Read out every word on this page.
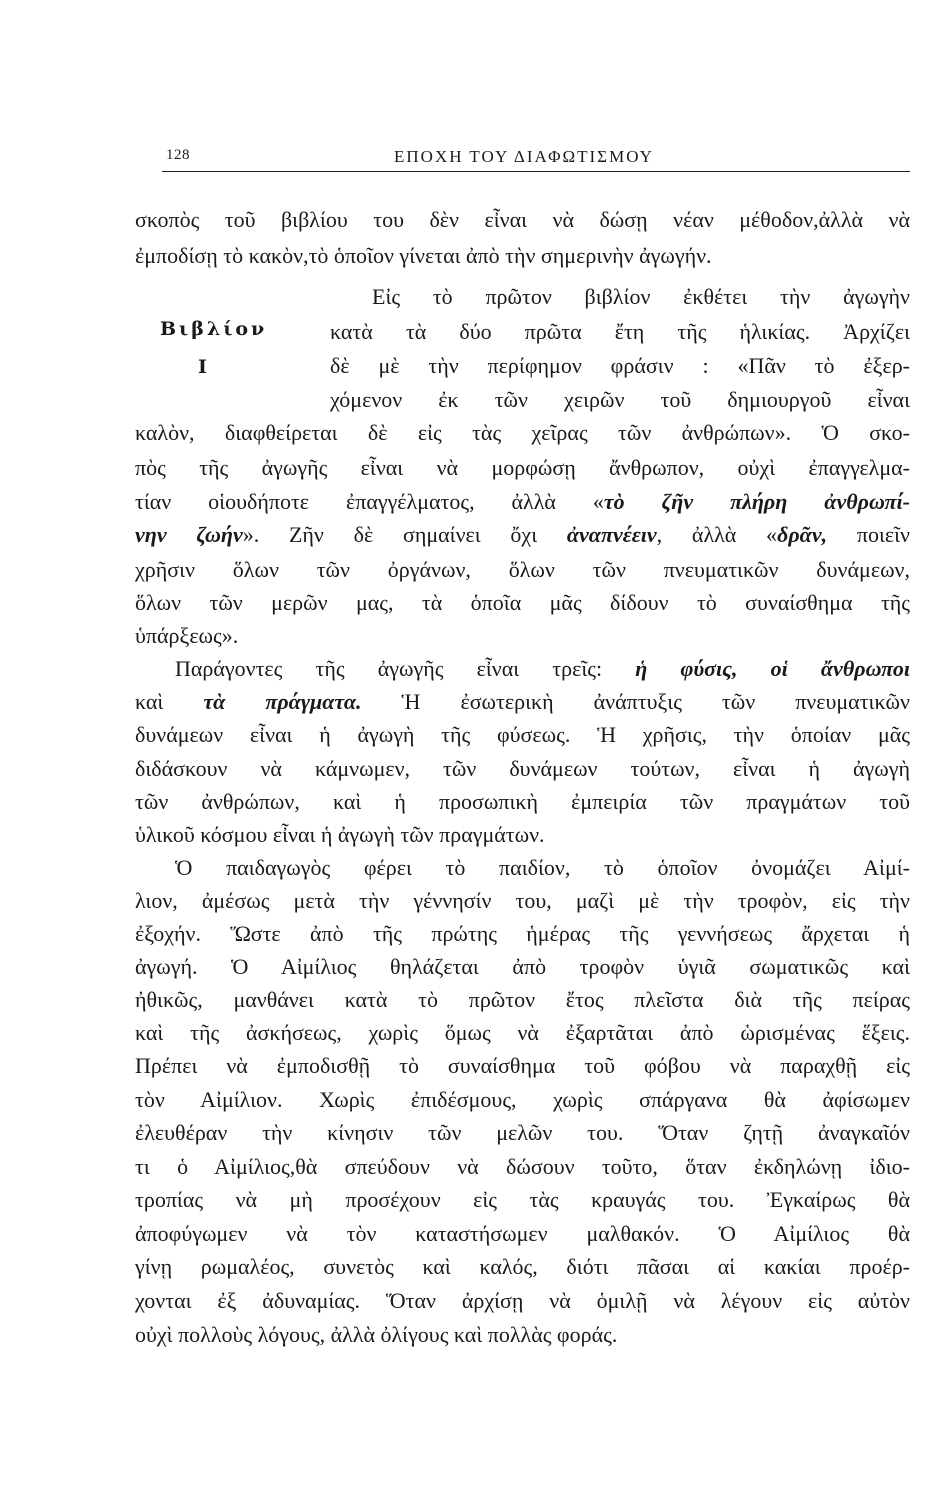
128	ΕΠΟΧΗ ΤΟΥ ΔΙΑΦΩΤΙΣΜΟΥ
Βιβλίον
Ι
σκοπὸς τοῦ βιβλίου του δὲν εἶναι νὰ δώσῃ νέαν μέθοδον,ἀλλὰ νὰ
ἐμποδίσῃ τὸ κακὸν,τὸ ὁποῖον γίνεται ἀπὸ τὴν σημερινὴν ἀγωγήν.
Εἰς τὸ πρῶτον βιβλίον ἐκθέτει τὴν ἀγωγὴν
κατὰ τὰ δύο πρῶτα ἔτη τῆς ἡλικίας. Ἀρχίζει
δὲ μὲ τὴν περίφημον φράσιν : «Πᾶν τὸ ἐξερ-
χόμενον ἐκ τῶν χειρῶν τοῦ δημιουργοῦ εἶναι
καλὸν, διαφθείρεται δὲ εἰς τὰς χεῖρας τῶν ἀνθρώπων». Ὁ σκο-
πὸς τῆς ἀγωγῆς εἶναι νὰ μορφώσῃ ἄνθρωπον, οὐχὶ ἐπαγγελμα-
τίαν οἱουδήποτε ἐπαγγέλματος, ἀλλὰ «τὸ ζῆν πλήρη ἀνθρωπί-
νην ζωήν». Ζῆν δὲ σημαίνει ὄχι ἀναπνέειν, ἀλλὰ «δρᾶν, ποιεῖν
χρῆσιν ὅλων τῶν ὀργάνων, ὅλων τῶν πνευματικῶν δυνάμεων,
ὅλων τῶν μερῶν μας, τὰ ὁποῖα μᾶς δίδουν τὸ συναίσθημα τῆς
ὑπάρξεως».
Παράγοντες τῆς ἀγωγῆς εἶναι τρεῖς: ἡ φύσις, οἱ ἄνθρωποι
καὶ τὰ πράγματα. Ἡ ἐσωτερικὴ ἀνάπτυξις τῶν πνευματικῶν
δυνάμεων εἶναι ἡ ἀγωγὴ τῆς φύσεως. Ἡ χρῆσις, τὴν ὁποίαν μᾶς
διδάσκουν νὰ κάμνωμεν, τῶν δυνάμεων τούτων, εἶναι ἡ ἀγωγὴ
τῶν ἀνθρώπων, καὶ ἡ προσωπικὴ ἐμπειρία τῶν πραγμάτων τοῦ
ὑλικοῦ κόσμου εἶναι ἡ ἀγωγὴ τῶν πραγμάτων.
Ὁ παιδαγωγὸς φέρει τὸ παιδίον, τὸ ὁποῖον ὀνομάζει Αἰμί-
λιον, ἀμέσως μετὰ τὴν γέννησίν του, μαζὶ μὲ τὴν τροφὸν, εἰς τὴν
ἐξοχήν. Ὥστε ἀπὸ τῆς πρώτης ἡμέρας τῆς γεννήσεως ἄρχεται ἡ
ἀγωγή. Ὁ Αἰμίλιος θηλάζεται ἀπὸ τροφὸν ὑγιᾶ σωματικῶς καὶ
ἠθικῶς, μανθάνει κατὰ τὸ πρῶτον ἔτος πλεῖστα διὰ τῆς πείρας
καὶ τῆς ἀσκήσεως, χωρὶς ὅμως νὰ ἐξαρτᾶται ἀπὸ ὡρισμένας ἕξεις.
Πρέπει νὰ ἐμποδισθῇ τὸ συναίσθημα τοῦ φόβου νὰ παραχθῇ εἰς
τὸν Αἰμίλιον. Χωρὶς ἐπιδέσμους, χωρὶς σπάργανα θὰ ἀφίσωμεν
ἐλευθέραν τὴν κίνησιν τῶν μελῶν του. Ὅταν ζητῇ ἀναγκαῖόν
τι ὁ Αἰμίλιος,θὰ σπεύδουν νὰ δώσουν τοῦτο, ὅταν ἐκδηλώνῃ ἰδιο-
τροπίας νὰ μὴ προσέχουν εἰς τὰς κραυγάς του. Ἐγκαίρως θὰ
ἀποφύγωμεν νὰ τὸν καταστήσωμεν μαλθακόν. Ὁ Αἰμίλιος θὰ
γίνῃ ρωμαλέος, συνετὸς καὶ καλός, διότι πᾶσαι αἱ κακίαι προέρ-
χονται ἐξ ἀδυναμίας. Ὅταν ἀρχίσῃ νὰ ὁμιλῇ νὰ λέγουν εἰς αὐτὸν
οὐχὶ πολλοὺς λόγους, ἀλλὰ ὀλίγους καὶ πολλὰς φοράς.
